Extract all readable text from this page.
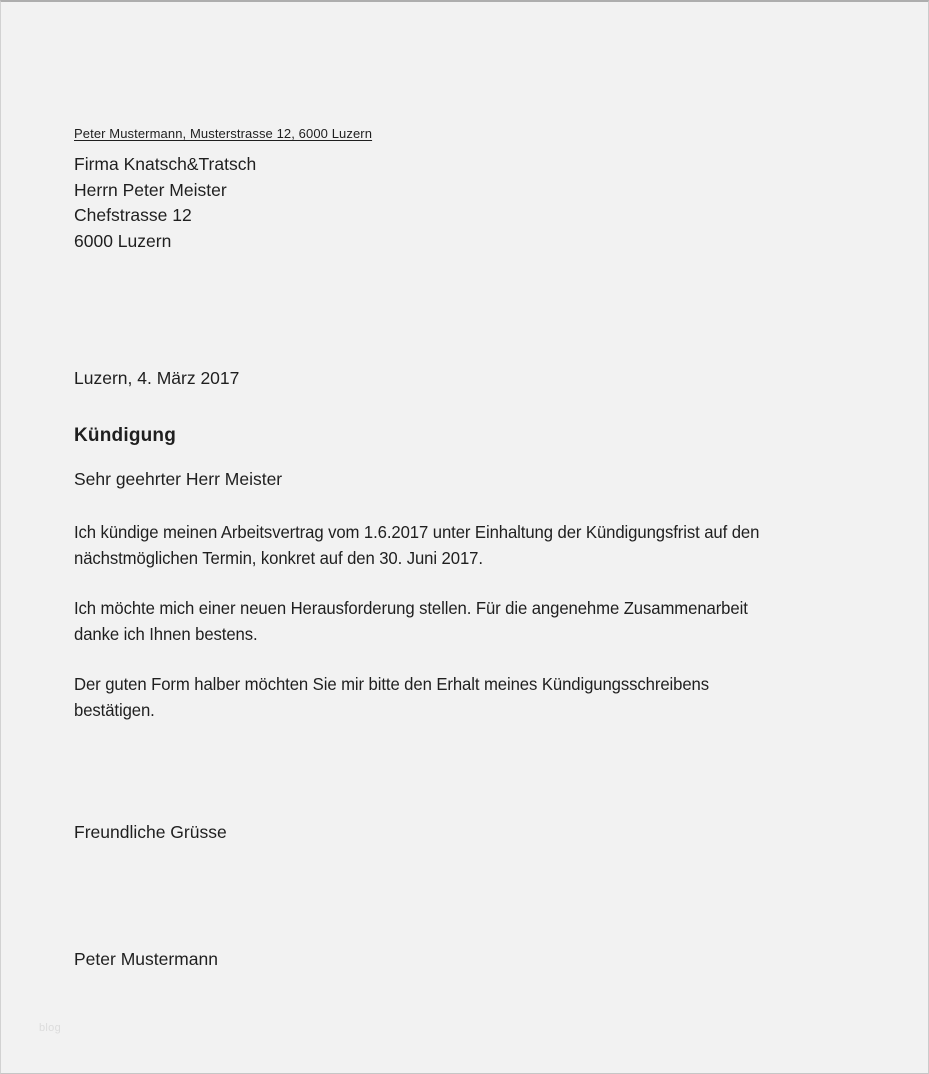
Peter Mustermann, Musterstrasse 12, 6000 Luzern
Firma Knatsch&Tratsch
Herrn Peter Meister
Chefstrasse 12
6000 Luzern
Luzern, 4. März 2017
Kündigung
Sehr geehrter Herr Meister
Ich kündige meinen Arbeitsvertrag vom 1.6.2017 unter Einhaltung der Kündigungsfrist auf den
nächstmöglichen Termin, konkret auf den 30. Juni 2017.
Ich möchte mich einer neuen Herausforderung stellen. Für die angenehme Zusammenarbeit
danke ich Ihnen bestens.
Der guten Form halber möchten Sie mir bitte den Erhalt meines Kündigungsschreibens
bestätigen.
Freundliche Grüsse
Peter Mustermann
blog
